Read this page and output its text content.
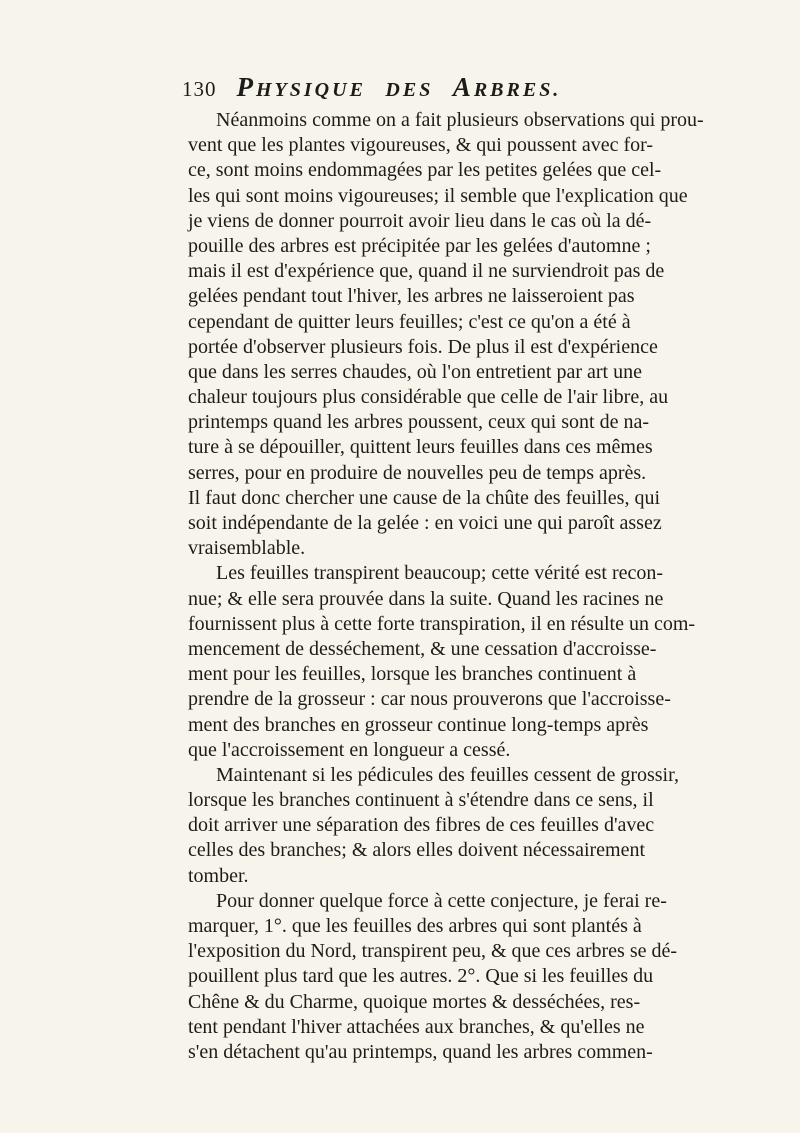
130 PHYSIQUE DES ARBRES.
Néanmoins comme on a fait plusieurs observations qui prou-
vent que les plantes vigoureuses, & qui poussent avec for-
ce, sont moins endommagées par les petites gelées que cel-
les qui sont moins vigoureuses; il semble que l'explication que
je viens de donner pourroit avoir lieu dans le cas où la dé-
pouille des arbres est précipitée par les gelées d'automne ;
mais il est d'expérience que, quand il ne surviendroit pas de
gelées pendant tout l'hiver, les arbres ne laisseroient pas
cependant de quitter leurs feuilles; c'est ce qu'on a été à
portée d'observer plusieurs fois. De plus il est d'expérience
que dans les serres chaudes, où l'on entretient par art une
chaleur toujours plus considérable que celle de l'air libre, au
printemps quand les arbres poussent, ceux qui sont de na-
ture à se dépouiller, quittent leurs feuilles dans ces mêmes
serres, pour en produire de nouvelles peu de temps après.
Il faut donc chercher une cause de la chûte des feuilles, qui
soit indépendante de la gelée : en voici une qui paroît assez
vraisemblable.
Les feuilles transpirent beaucoup; cette vérité est recon-
nue; & elle sera prouvée dans la suite. Quand les racines ne
fournissent plus à cette forte transpiration, il en résulte un com-
mencement de desséchement, & une cessation d'accroisse-
ment pour les feuilles, lorsque les branches continuent à
prendre de la grosseur : car nous prouverons que l'accroisse-
ment des branches en grosseur continue long-temps après
que l'accroissement en longueur a cessé.
Maintenant si les pédicules des feuilles cessent de grossir,
lorsque les branches continuent à s'étendre dans ce sens, il
doit arriver une séparation des fibres de ces feuilles d'avec
celles des branches; & alors elles doivent nécessairement
tomber.
Pour donner quelque force à cette conjecture, je ferai re-
marquer, 1°. que les feuilles des arbres qui sont plantés à
l'exposition du Nord, transpirent peu, & que ces arbres se dé-
pouillent plus tard que les autres. 2°. Que si les feuilles du
Chêne & du Charme, quoique mortes & desséchées, res-
tent pendant l'hiver attachées aux branches, & qu'elles ne
s'en détachent qu'au printemps, quand les arbres commen-
